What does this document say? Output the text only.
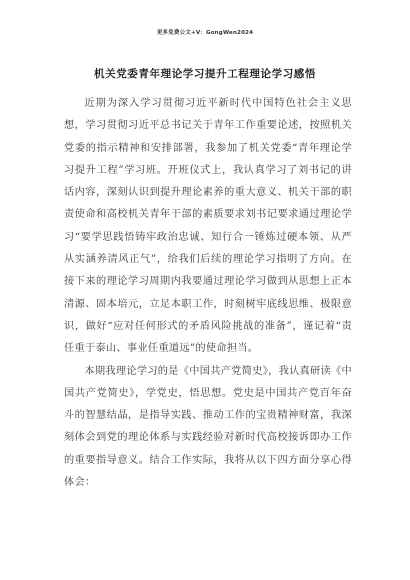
更多免费公文+V：GongWen2024
机关党委青年理论学习提升工程理论学习感悟

近期为深入学习贯彻习近平新时代中国特色社会主义思想，学习贯彻习近平总书记关于青年工作重要论述，按照机关党委的指示精神和安排部署，我参加了机关党委“青年理论学习提升工程”学习班。开班仪式上，我认真学习了刘书记的讲话内容，深刻认识到提升理论素养的重大意义、机关干部的职责使命和高校机关青年干部的素质要求刘书记要求通过理论学习“要学思践悟铸牢政治忠诚、知行合一锤炼过硬本领、从严从实涵养清风正气”，给我们后续的理论学习指明了方向。在接下来的理论学习周期内我要通过理论学习做到从思想上正本清源、固本培元，立足本职工作，时刻树牢底线思维、极限意识，做好“应对任何形式的矛盾风险挑战的准备”，谨记着“责任重于泰山、事业任重道远”的使命担当。

本期我理论学习的是《中国共产党简史》，我认真研读《中国共产党简史》，学党史，悟思想。党史是中国共产党百年奋斗的智慧结晶，是指导实践、推动工作的宝贵精神财富，我深刻体会到党的理论体系与实践经验对新时代高校接诉即办工作的重要指导意义。结合工作实际，我将从以下四方面分享心得体会：
